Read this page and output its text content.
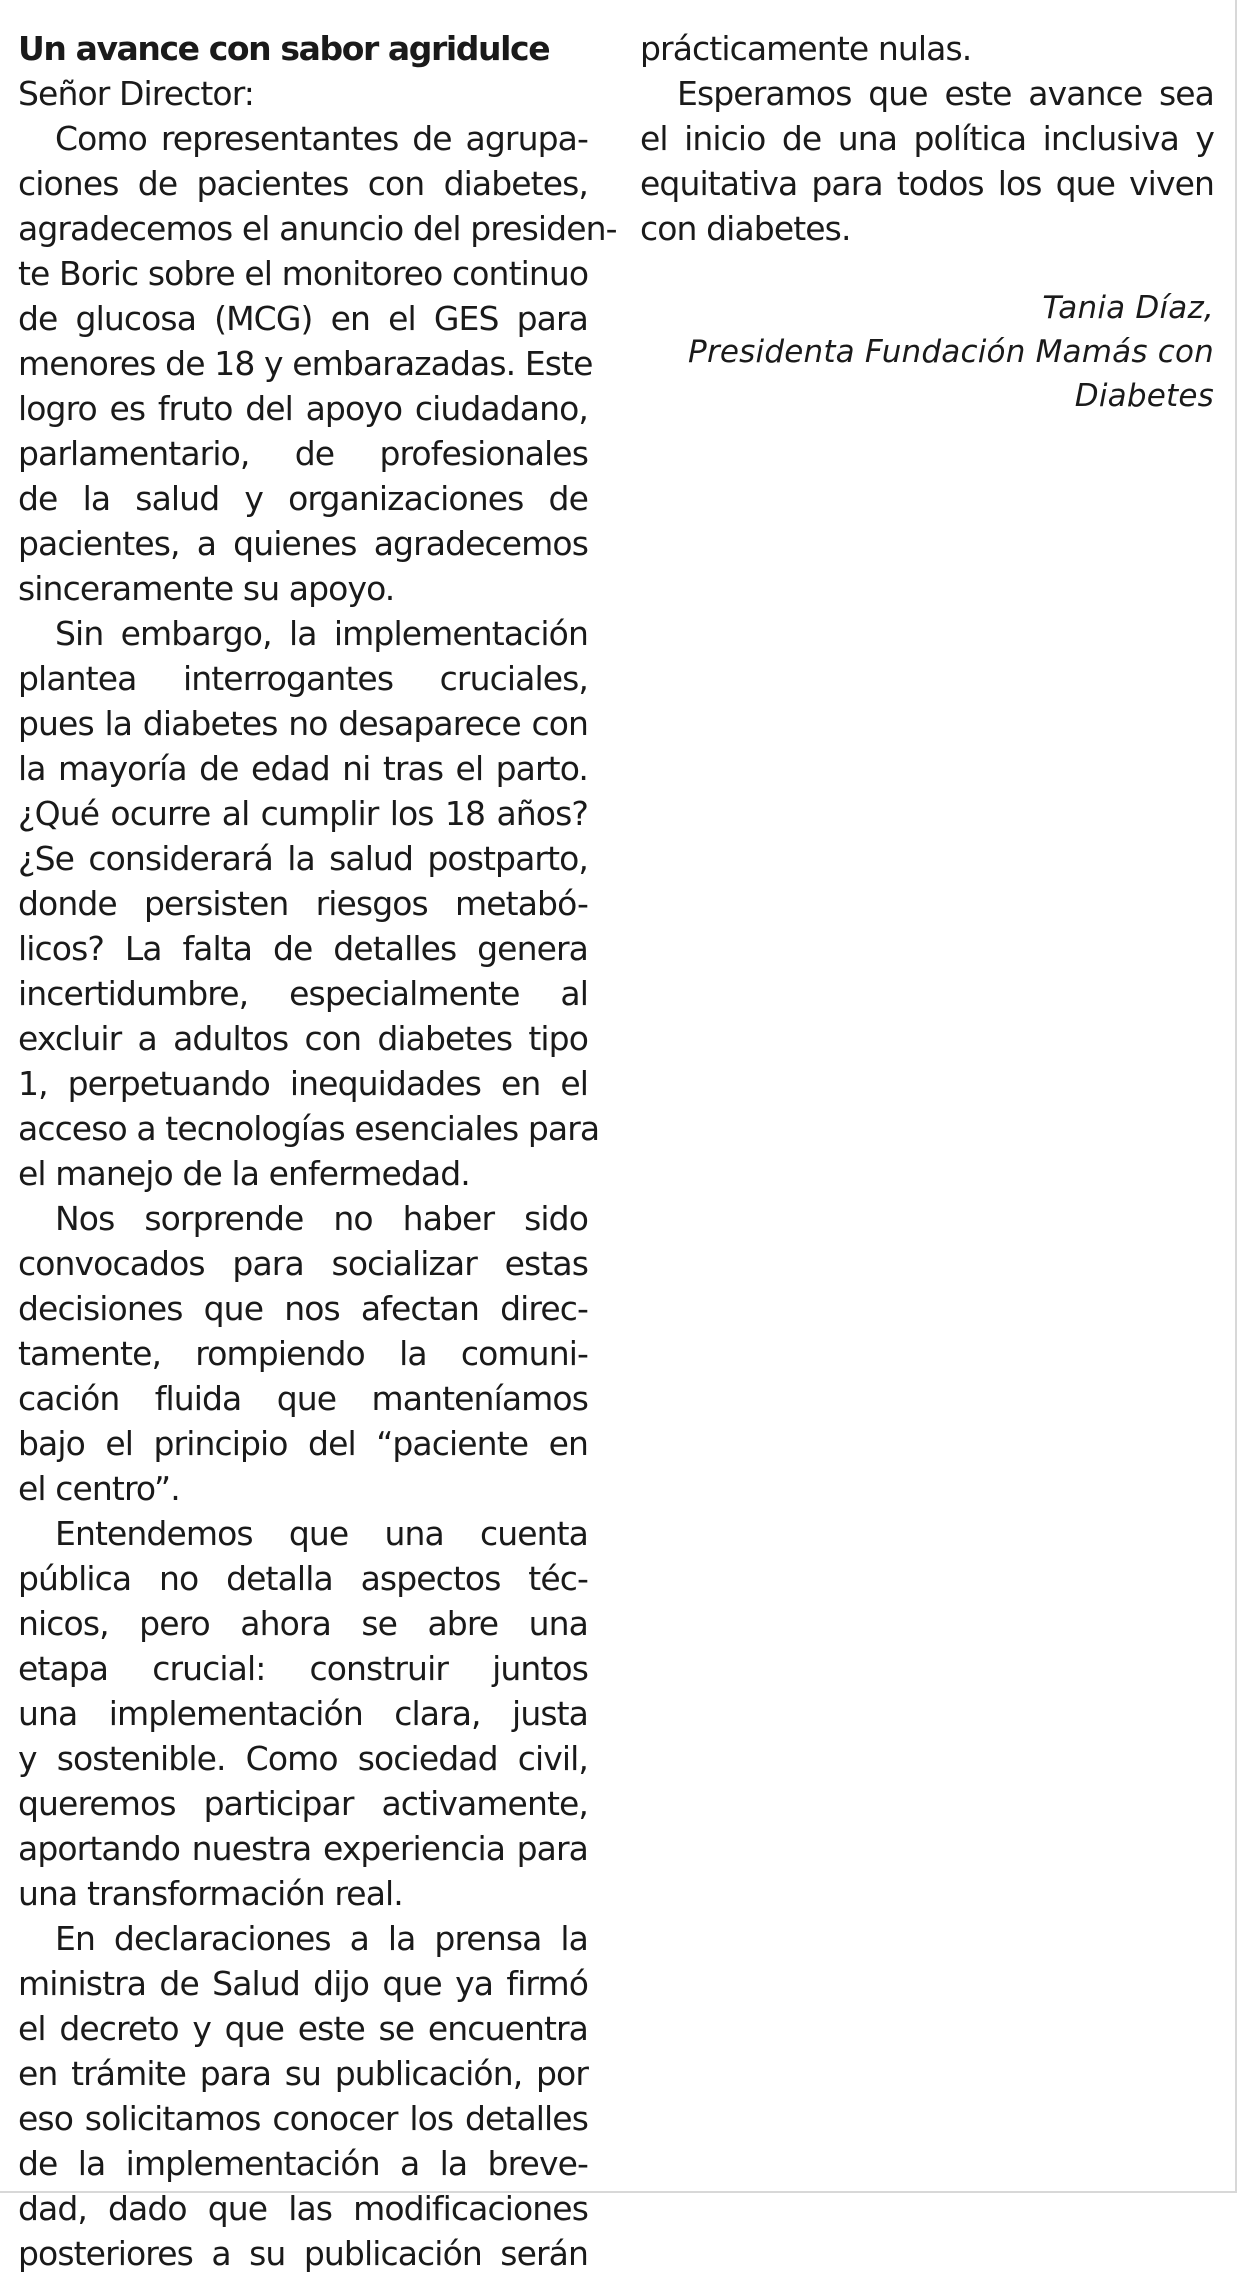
Un avance con sabor agridulce
Señor Director:
Como representantes de agrupa-
ciones de pacientes con diabetes,
agradecemos el anuncio del presiden-
te Boric sobre el monitoreo continuo
de glucosa (MCG) en el GES para
menores de 18 y embarazadas. Este
logro es fruto del apoyo ciudadano,
parlamentario, de profesionales
de la salud y organizaciones de
pacientes, a quienes agradecemos
sinceramente su apoyo.
Sin embargo, la implementación
plantea interrogantes cruciales,
pues la diabetes no desaparece con
la mayoría de edad ni tras el parto.
¿Qué ocurre al cumplir los 18 años?
¿Se considerará la salud postparto,
donde persisten riesgos metabó-
licos? La falta de detalles genera
incertidumbre, especialmente al
excluir a adultos con diabetes tipo
1, perpetuando inequidades en el
acceso a tecnologías esenciales para
el manejo de la enfermedad.
Nos sorprende no haber sido
convocados para socializar estas
decisiones que nos afectan direc-
tamente, rompiendo la comuni-
cación fluida que manteníamos
bajo el principio del “paciente en
el centro”.
Entendemos que una cuenta
pública no detalla aspectos téc-
nicos, pero ahora se abre una
etapa crucial: construir juntos
una implementación clara, justa
y sostenible. Como sociedad civil,
queremos participar activamente,
aportando nuestra experiencia para
una transformación real.
En declaraciones a la prensa la
ministra de Salud dijo que ya firmó
el decreto y que este se encuentra
en trámite para su publicación, por
eso solicitamos conocer los detalles
de la implementación a la breve-
dad, dado que las modificaciones
posteriores a su publicación serán
prácticamente nulas.
Esperamos que este avance sea
el inicio de una política inclusiva y
equitativa para todos los que viven
con diabetes.
Tania Díaz,
Presidenta Fundación Mamás con
Diabetes
